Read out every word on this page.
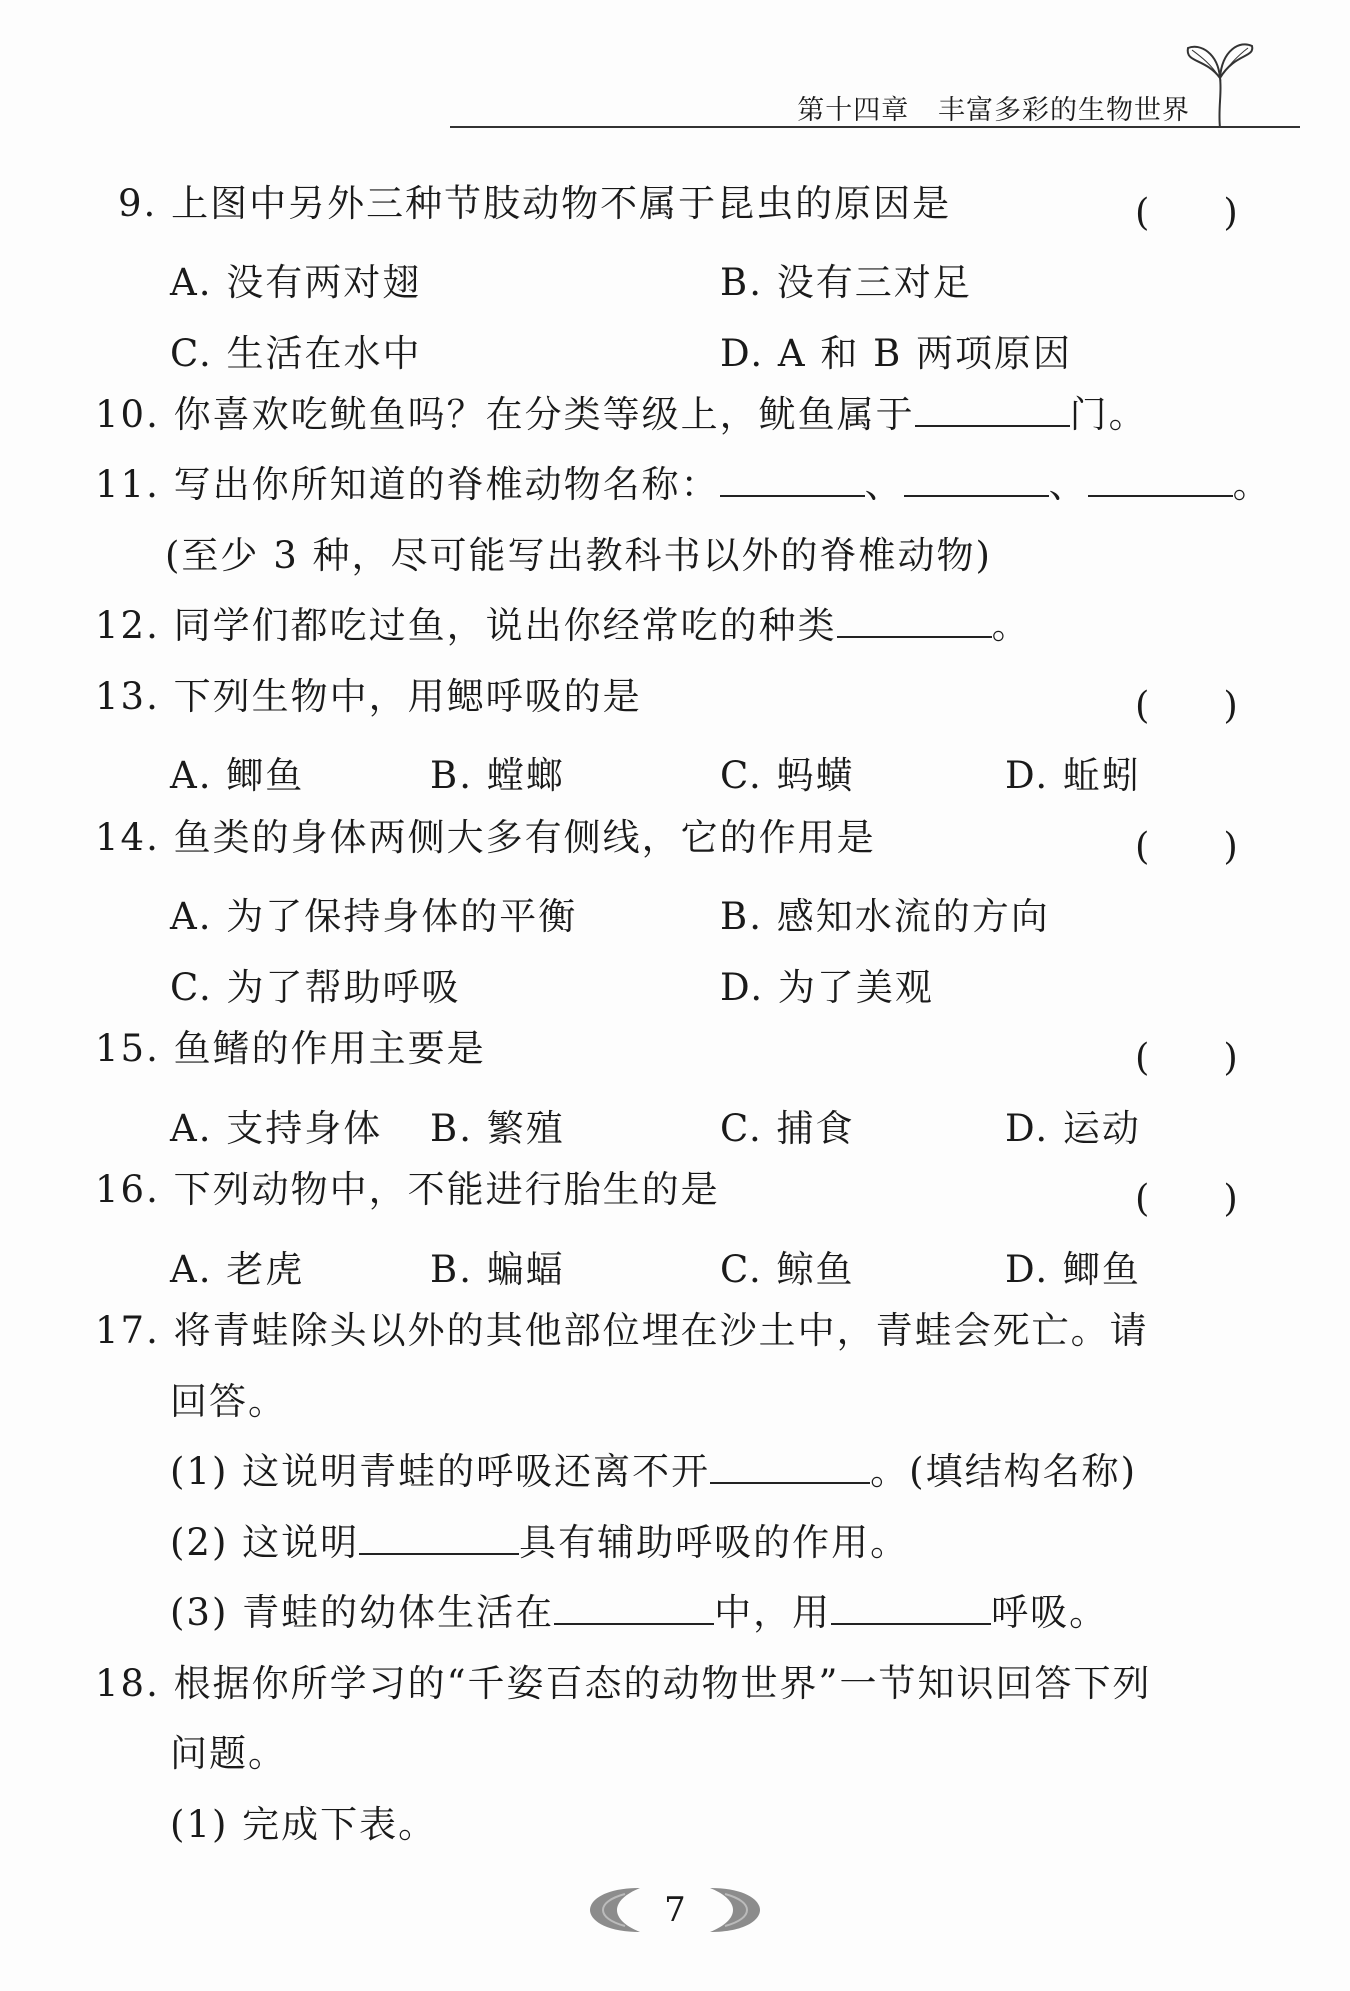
第十四章 丰富多彩的生物世界
9. 上图中另外三种节肢动物不属于昆虫的原因是	(　　)
A. 没有两对翅	B. 没有三对足
C. 生活在水中	D. A 和 B 两项原因
10. 你喜欢吃鱿鱼吗？在分类等级上，鱿鱼属于	门。
11. 写出你所知道的脊椎动物名称：	、	、	。
(至少 3 种，尽可能写出教科书以外的脊椎动物)
12. 同学们都吃过鱼，说出你经常吃的种类	。
13. 下列生物中，用鳃呼吸的是	(　　)
A. 鲫鱼	B. 螳螂	C. 蚂蟥	D. 蚯蚓
14. 鱼类的身体两侧大多有侧线，它的作用是	(　　)
A. 为了保持身体的平衡	B. 感知水流的方向
C. 为了帮助呼吸	D. 为了美观
15. 鱼鳍的作用主要是	(　　)
A. 支持身体 B. 繁殖	C. 捕食	D. 运动
16. 下列动物中，不能进行胎生的是	(　　)
A. 老虎	B. 蝙蝠	C. 鲸鱼	D. 鲫鱼
17. 将青蛙除头以外的其他部位埋在沙土中，青蛙会死亡。请
回答。
(1) 这说明青蛙的呼吸还离不开	。(填结构名称)
(2) 这说明	具有辅助呼吸的作用。
(3) 青蛙的幼体生活在	中，用	呼吸。
18. 根据你所学习的“千姿百态的动物世界”一节知识回答下列
问题。
(1) 完成下表。
7
